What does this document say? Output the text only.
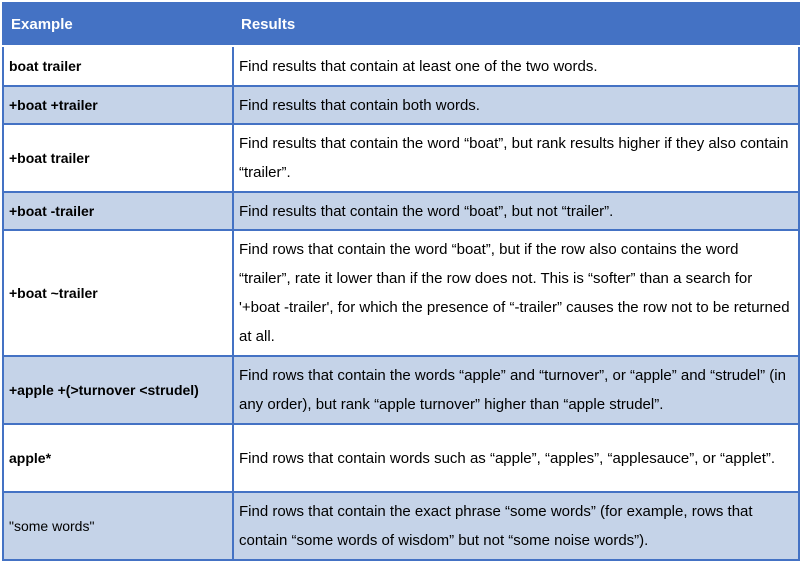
Example	Results
boat trailer	Find results that contain at least one of the two words.
+boat +trailer	Find results that contain both words.
+boat trailer	Find results that contain the word “boat”, but rank results higher if they also contain “trailer”.
+boat -trailer	Find results that contain the word “boat”, but not “trailer”.
+boat ~trailer	Find rows that contain the word “boat”, but if the row also contains the word “trailer”, rate it lower than if the row does not. This is “softer” than a search for '+boat -trailer', for which the presence of “-trailer” causes the row not to be returned at all.
+apple +(>turnover <strudel)	Find rows that contain the words “apple” and “turnover”, or “apple” and “strudel” (in any order), but rank “apple turnover” higher than “apple strudel”.
apple*	Find rows that contain words such as “apple”, “apples”, “applesauce”, or “applet”.
"some words"	Find rows that contain the exact phrase “some words” (for example, rows that contain “some words of wisdom” but not “some noise words”).
